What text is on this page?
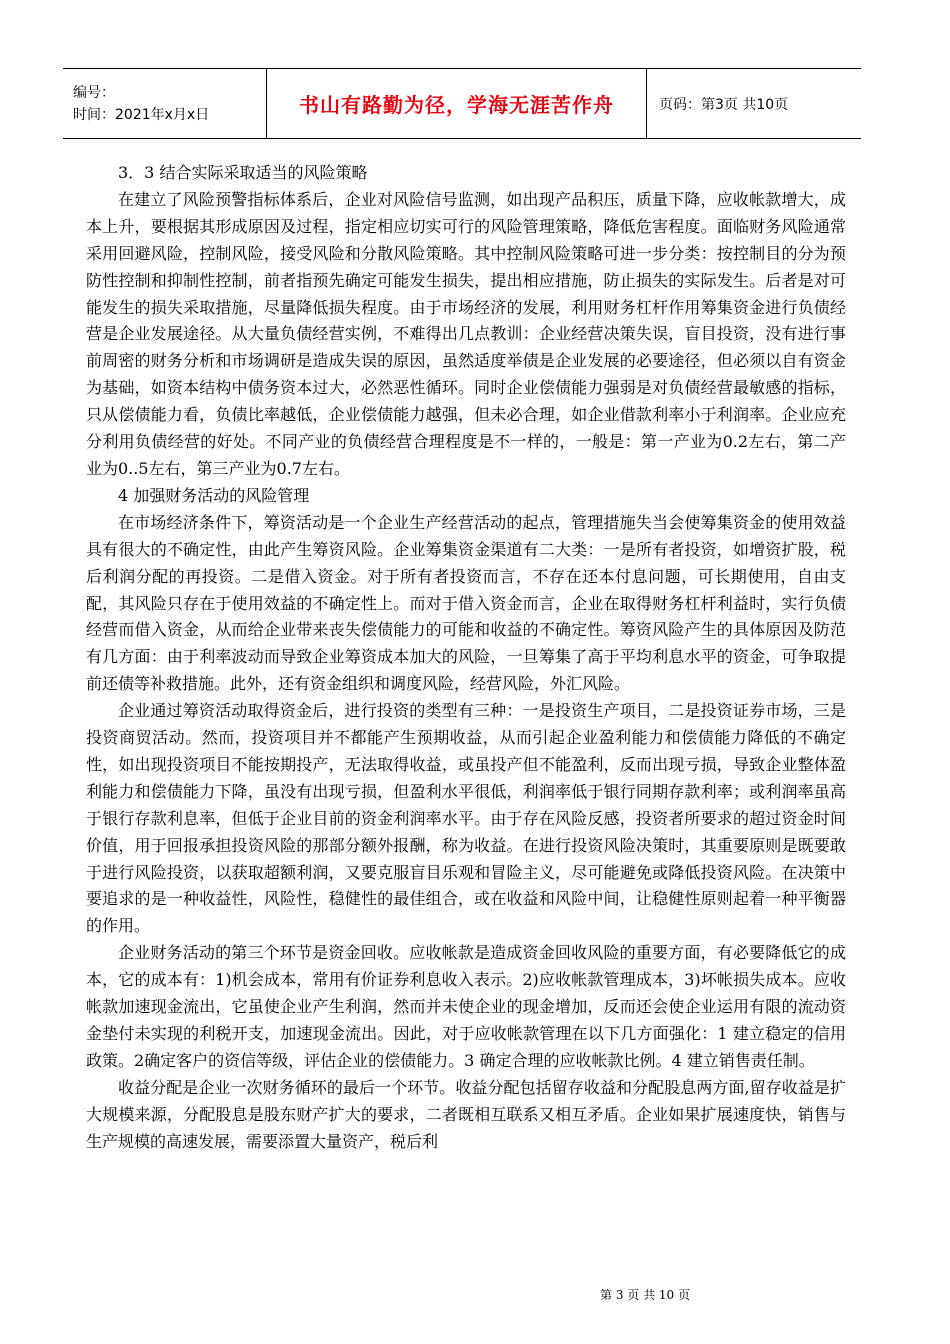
编号：
时间：2021年x月x日	书山有路勤为径，学海无涯苦作舟	页码：第3页 共10页

3．3 结合实际采取适当的风险策略

在建立了风险预警指标体系后，企业对风险信号监测，如出现产品积压，质量下降，应收帐款增大，成本上升，要根据其形成原因及过程，指定相应切实可行的风险管理策略，降低危害程度。面临财务风险通常采用回避风险，控制风险，接受风险和分散风险策略。其中控制风险策略可进一步分类：按控制目的分为预防性控制和抑制性控制，前者指预先确定可能发生损失，提出相应措施，防止损失的实际发生。后者是对可能发生的损失采取措施，尽量降低损失程度。由于市场经济的发展，利用财务杠杆作用筹集资金进行负债经营是企业发展途径。从大量负债经营实例，不难得出几点教训：企业经营决策失误，盲目投资，没有进行事前周密的财务分析和市场调研是造成失误的原因，虽然适度举债是企业发展的必要途径，但必须以自有资金为基础，如资本结构中债务资本过大，必然恶性循环。同时企业偿债能力强弱是对负债经营最敏感的指标，只从偿债能力看，负债比率越低，企业偿债能力越强，但未必合理，如企业借款利率小于利润率。企业应充分利用负债经营的好处。不同产业的负债经营合理程度是不一样的，一般是：第一产业为0.2左右，第二产业为0..5左右，第三产业为0.7左右。

4 加强财务活动的风险管理

在市场经济条件下，筹资活动是一个企业生产经营活动的起点，管理措施失当会使筹集资金的使用效益具有很大的不确定性，由此产生筹资风险。企业筹集资金渠道有二大类：一是所有者投资，如增资扩股，税后利润分配的再投资。二是借入资金。对于所有者投资而言，不存在还本付息问题，可长期使用，自由支配，其风险只存在于使用效益的不确定性上。而对于借入资金而言，企业在取得财务杠杆利益时，实行负债经营而借入资金，从而给企业带来丧失偿债能力的可能和收益的不确定性。筹资风险产生的具体原因及防范有几方面：由于利率波动而导致企业筹资成本加大的风险，一旦筹集了高于平均利息水平的资金，可争取提前还债等补救措施。此外，还有资金组织和调度风险，经营风险，外汇风险。

企业通过筹资活动取得资金后，进行投资的类型有三种：一是投资生产项目，二是投资证券市场，三是投资商贸活动。然而，投资项目并不都能产生预期收益，从而引起企业盈利能力和偿债能力降低的不确定性，如出现投资项目不能按期投产，无法取得收益，或虽投产但不能盈利，反而出现亏损，导致企业整体盈利能力和偿债能力下降，虽没有出现亏损，但盈利水平很低，利润率低于银行同期存款利率；或利润率虽高于银行存款利息率，但低于企业目前的资金利润率水平。由于存在风险反感，投资者所要求的超过资金时间价值，用于回报承担投资风险的那部分额外报酬，称为收益。在进行投资风险决策时，其重要原则是既要敢于进行风险投资，以获取超额利润，又要克服盲目乐观和冒险主义，尽可能避免或降低投资风险。在决策中要追求的是一种收益性，风险性，稳健性的最佳组合，或在收益和风险中间，让稳健性原则起着一种平衡器的作用。

企业财务活动的第三个环节是资金回收。应收帐款是造成资金回收风险的重要方面，有必要降低它的成本，它的成本有：1)机会成本，常用有价证券利息收入表示。2)应收帐款管理成本，3)坏帐损失成本。应收帐款加速现金流出，它虽使企业产生利润，然而并未使企业的现金增加，反而还会使企业运用有限的流动资金垫付未实现的利税开支，加速现金流出。因此，对于应收帐款管理在以下几方面强化：1 建立稳定的信用政策。2确定客户的资信等级，评估企业的偿债能力。3 确定合理的应收帐款比例。4 建立销售责任制。

收益分配是企业一次财务循环的最后一个环节。收益分配包括留存收益和分配股息两方面,留存收益是扩大规模来源，分配股息是股东财产扩大的要求，二者既相互联系又相互矛盾。企业如果扩展速度快，销售与生产规模的高速发展，需要添置大量资产，税后利

第 3 页 共 10 页
